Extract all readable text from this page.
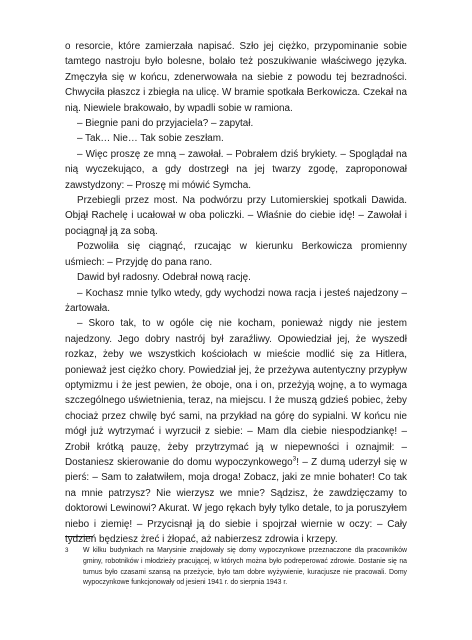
o resorcie, które zamierzała napisać. Szło jej ciężko, przypominanie sobie tamtego nastroju było bolesne, bolało też poszukiwanie właściwego języka. Zmęczyła się w końcu, zdenerwowała na siebie z powodu tej bezradności. Chwyciła płaszcz i zbiegła na ulicę. W bramie spotkała Berkowicza. Czekał na nią. Niewiele brakowało, by wpadli sobie w ramiona.

– Biegnie pani do przyjaciela? – zapytał.

– Tak… Nie… Tak sobie zeszłam.

– Więc proszę ze mną – zawołał. – Pobrałem dziś brykiety. – Spoglądał na nią wyczekująco, a gdy dostrzegł na jej twarzy zgodę, zaproponował zawstydzony: – Proszę mi mówić Symcha.

Przebiegli przez most. Na podwórzu przy Lutomierskiej spotkali Dawida. Objął Rachelę i ucałował w oba policzki. – Właśnie do ciebie idę! – Zawołał i pociągnął ją za sobą.

Pozwoliła się ciągnąć, rzucając w kierunku Berkowicza promienny uśmiech: – Przyjdę do pana rano.

Dawid był radosny. Odebrał nową rację.

– Kochasz mnie tylko wtedy, gdy wychodzi nowa racja i jesteś najedzony – żartowała.

– Skoro tak, to w ogóle cię nie kocham, ponieważ nigdy nie jestem najedzony. Jego dobry nastrój był zaraźliwy. Opowiedział jej, że wyszedł rozkaz, żeby we wszystkich kościołach w mieście modlić się za Hitlera, ponieważ jest ciężko chory. Powiedział jej, że przeżywa autentyczny przypływ optymizmu i że jest pewien, że oboje, ona i on, przeżyją wojnę, a to wymaga szczególnego uświetnienia, teraz, na miejscu. I że muszą gdzieś pobiec, żeby chociaż przez chwilę być sami, na przykład na górę do sypialni. W końcu nie mógł już wytrzymać i wyrzucił z siebie: – Mam dla ciebie niespodziankę! – Zrobił krótką pauzę, żeby przytrzymać ją w niepewności i oznajmił: – Dostaniesz skierowanie do domu wypoczynkowego$^3$! – Z dumą uderzył się w pierś: – Sam to załatwiłem, moja droga! Zobacz, jaki ze mnie bohater! Co tak na mnie patrzysz? Nie wierzysz we mnie? Sądzisz, że zawdzięczamy to doktorowi Lewinowi? Akurat. W jego rękach były tylko detale, to ja poruszyłem niebo i ziemię! – Przycisnął ją do siebie i spojrzał wiernie w oczy: – Cały tydzień będziesz żreć i żłopać, aż nabierzesz zdrowia i krzepy.

3 W kilku budynkach na Marysinie znajdowały się domy wypoczynkowe przeznaczone dla pracowników gminy, robotników i młodzieży pracującej, w których można było podreperować zdrowie. Dostanie się na turnus było czasami szansą na przeżycie, było tam dobre wyżywienie, kuracjusze nie pracowali. Domy wypoczynkowe funkcjonowały od jesieni 1941 r. do sierpnia 1943 r.
